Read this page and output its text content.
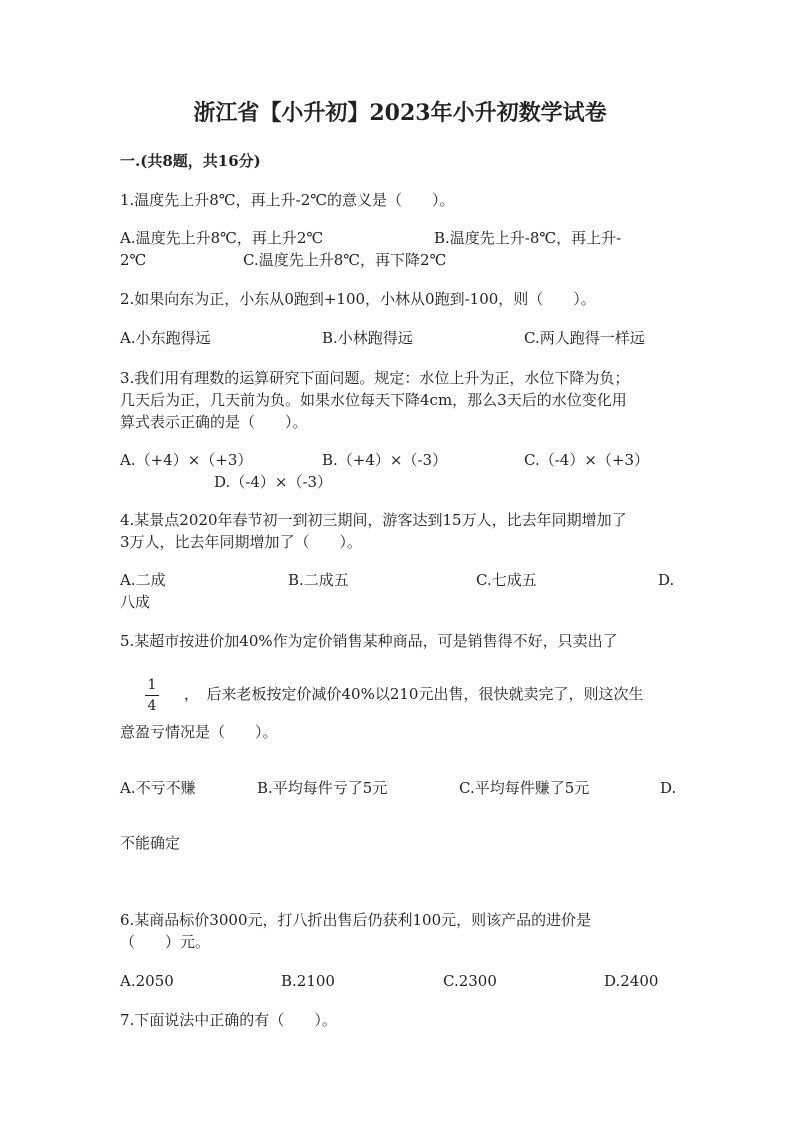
浙江省【小升初】2023年小升初数学试卷
一.(共8题，共16分)
1.温度先上升8℃，再上升-2℃的意义是（　　）。
A.温度先上升8℃，再上升2℃	B.温度先上升-8℃，再上升-
2℃	C.温度先上升8℃，再下降2℃
2.如果向东为正，小东从0跑到+100，小林从0跑到-100，则（　　）。
A.小东跑得远	B.小林跑得远	C.两人跑得一样远
3.我们用有理数的运算研究下面问题。规定：水位上升为正，水位下降为负；
几天后为正，几天前为负。如果水位每天下降4cm，那么3天后的水位变化用
算式表示正确的是（　　）。
A.（+4）×（+3）	B.（+4）×（-3）	C.（-4）×（+3）
D.（-4）×（-3）
4.某景点2020年春节初一到初三期间，游客达到15万人，比去年同期增加了
3万人，比去年同期增加了（　　）。
A.二成	B.二成五	C.七成五	D.
八成
5.某超市按进价加40%作为定价销售某种商品，可是销售得不好，只卖出了
1
4
，　后来老板按定价减价40%以210元出售，很快就卖完了，则这次生
意盈亏情况是（　　）。
A.不亏不赚	B.平均每件亏了5元	C.平均每件赚了5元	D.
不能确定
6.某商品标价3000元，打八折出售后仍获利100元，则该产品的进价是
（　　）元。
A.2050	B.2100	C.2300	D.2400
7.下面说法中正确的有（　　）。
